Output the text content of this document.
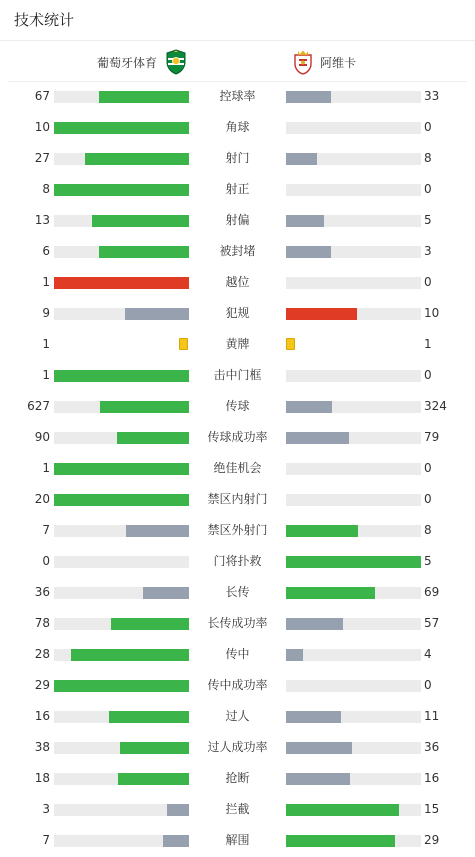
技术统计
葡萄牙体育	阿维卡
67	控球率	33
10	角球	0
27	射门	8
8	射正	0
13	射偏	5
6	被封堵	3
1	越位	0
9	犯规	10
1	黄牌	1
1	击中门框	0
627	传球	324
90	传球成功率	79
1	绝佳机会	0
20	禁区内射门	0
7	禁区外射门	8
0	门将扑救	5
36	长传	69
78	长传成功率	57
28	传中	4
29	传中成功率	0
16	过人	11
38	过人成功率	36
18	抢断	16
3	拦截	15
7	解围	29
